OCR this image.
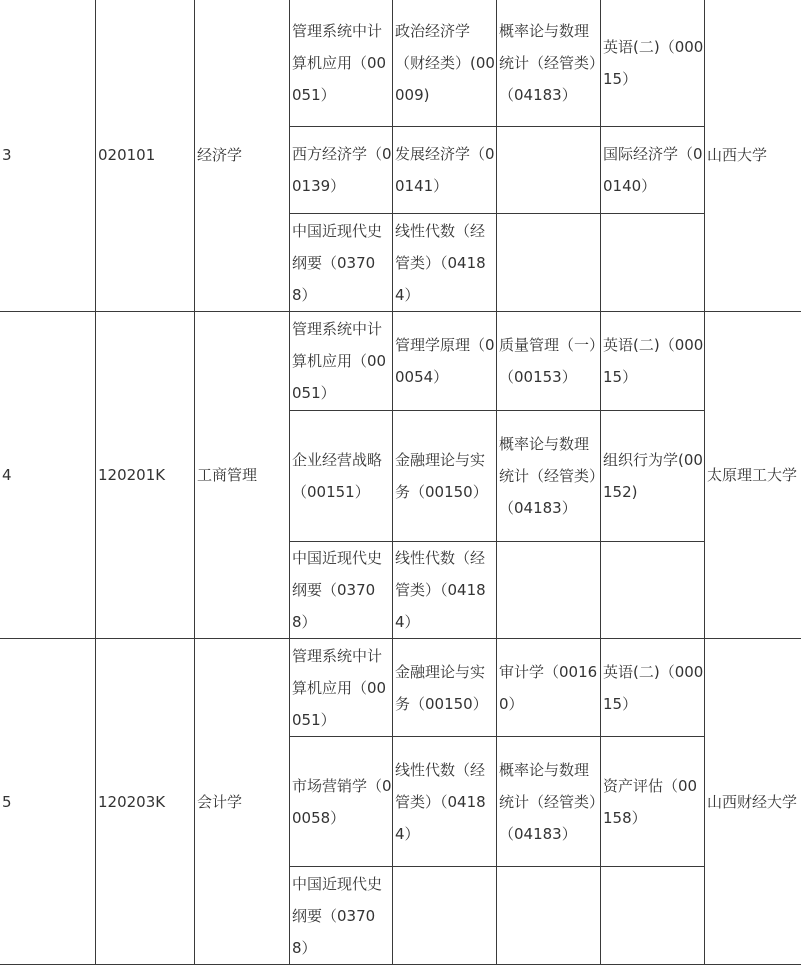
3	020101	经济学	管理系统中计算机应用（00051）	政治经济学（财经类）(00009)	概率论与数理统计（经管类）（04183）	英语(二)（00015）	山西大学
			西方经济学（00139）	发展经济学（00141）		国际经济学（00140）	
			中国近现代史纲要（03708）	线性代数（经管类）（04184）			
4	120201K	工商管理	管理系统中计算机应用（00051）	管理学原理（00054）	质量管理（一）（00153）	英语(二)（00015）	太原理工大学
			企业经营战略（00151）	金融理论与实务（00150）	概率论与数理统计（经管类）（04183）	组织行为学(00152)	
			中国近现代史纲要（03708）	线性代数（经管类）（04184）			
5	120203K	会计学	管理系统中计算机应用（00051）	金融理论与实务（00150）	审计学（00160）	英语(二)（00015）	山西财经大学
			市场营销学（00058）	线性代数（经管类）（04184）	概率论与数理统计（经管类）（04183）	资产评估（00158）	
			中国近现代史纲要（03708）				
